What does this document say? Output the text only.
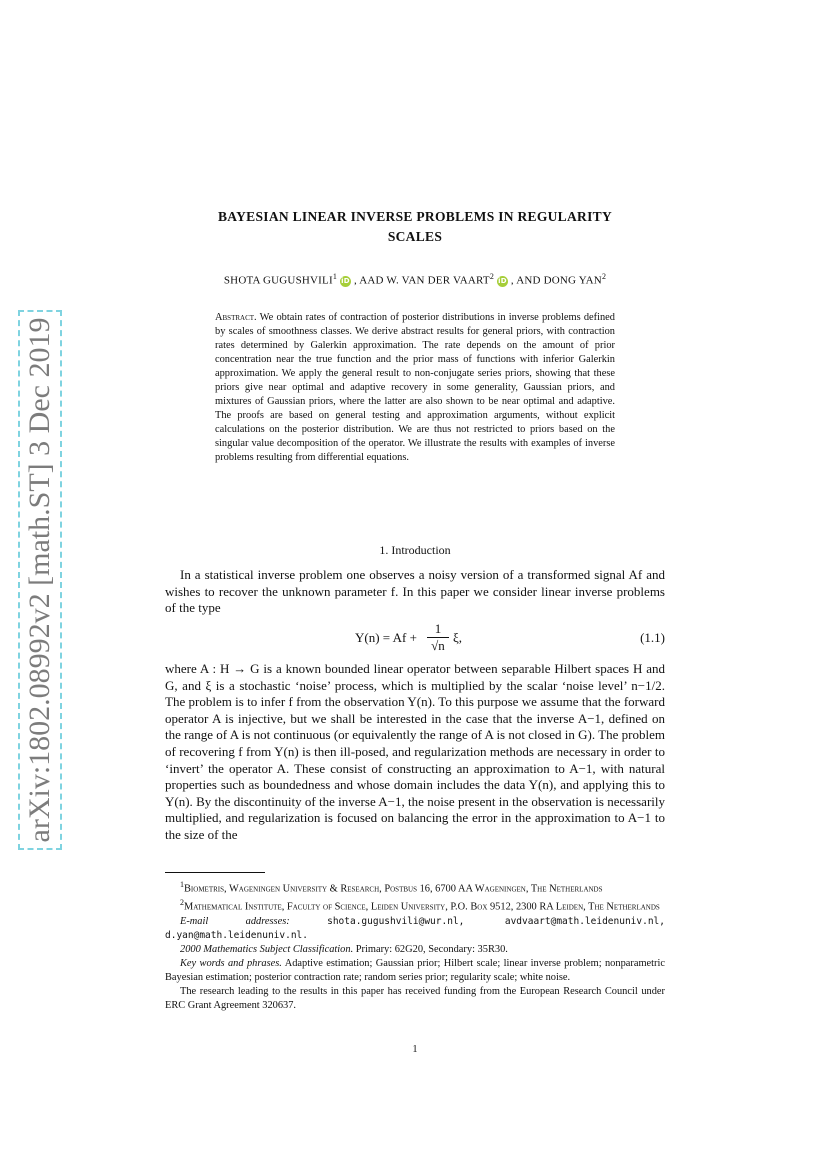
arXiv:1802.08992v2 [math.ST] 3 Dec 2019
BAYESIAN LINEAR INVERSE PROBLEMS IN REGULARITY
SCALES
SHOTA GUGUSHVILI$^1$ iD , AAD W. VAN DER VAART$^2$ iD , AND DONG YAN$^2$
Abstract. We obtain rates of contraction of posterior distributions in inverse problems defined by scales of smoothness classes. We derive abstract results for general priors, with contraction rates determined by Galerkin approximation. The rate depends on the amount of prior concentration near the true function and the prior mass of functions with inferior Galerkin approximation. We apply the general result to non-conjugate series priors, showing that these priors give near optimal and adaptive recovery in some generality, Gaussian priors, and mixtures of Gaussian priors, where the latter are also shown to be near optimal and adaptive. The proofs are based on general testing and approximation arguments, without explicit calculations on the posterior distribution. We are thus not restricted to priors based on the singular value decomposition of the operator. We illustrate the results with examples of inverse problems resulting from differential equations.
1. Introduction
In a statistical inverse problem one observes a noisy version of a transformed signal Af and wishes to recover the unknown parameter f. In this paper we consider linear inverse problems of the type
Y(n) = Af +
1
√n
ξ,	(1.1)
where A : H → G is a known bounded linear operator between separable Hilbert spaces H and G, and ξ is a stochastic ‘noise’ process, which is multiplied by the scalar ‘noise level’ n−1/2. The problem is to infer f from the observation Y(n). To this purpose we assume that the forward operator A is injective, but we shall be interested in the case that the inverse A−1, defined on the range of A is not continuous (or equivalently the range of A is not closed in G). The problem of recovering f from Y(n) is then ill-posed, and regularization methods are necessary in order to ‘invert’ the operator A. These consist of constructing an approximation to A−1, with natural properties such as boundedness and whose domain includes the data Y(n), and applying this to Y(n). By the discontinuity of the inverse A−1, the noise present in the observation is necessarily multiplied, and regularization is focused on balancing the error in the approximation to A−1 to the size of the

$^1$Biometris, Wageningen University & Research, Postbus 16, 6700 AA Wageningen, The Netherlands

$^2$Mathematical Institute, Faculty of Science, Leiden University, P.O. Box 9512, 2300 RA Leiden, The Netherlands

E-mail addresses:	shota.gugushvili@wur.nl, avdvaart@math.leidenuniv.nl, d.yan@math.leidenuniv.nl.

2000 Mathematics Subject Classification. Primary: 62G20, Secondary: 35R30.

Key words and phrases. Adaptive estimation; Gaussian prior; Hilbert scale; linear inverse problem; nonparametric Bayesian estimation; posterior contraction rate; random series prior; regularity scale; white noise.

The research leading to the results in this paper has received funding from the European Research Council under ERC Grant Agreement 320637.

1
